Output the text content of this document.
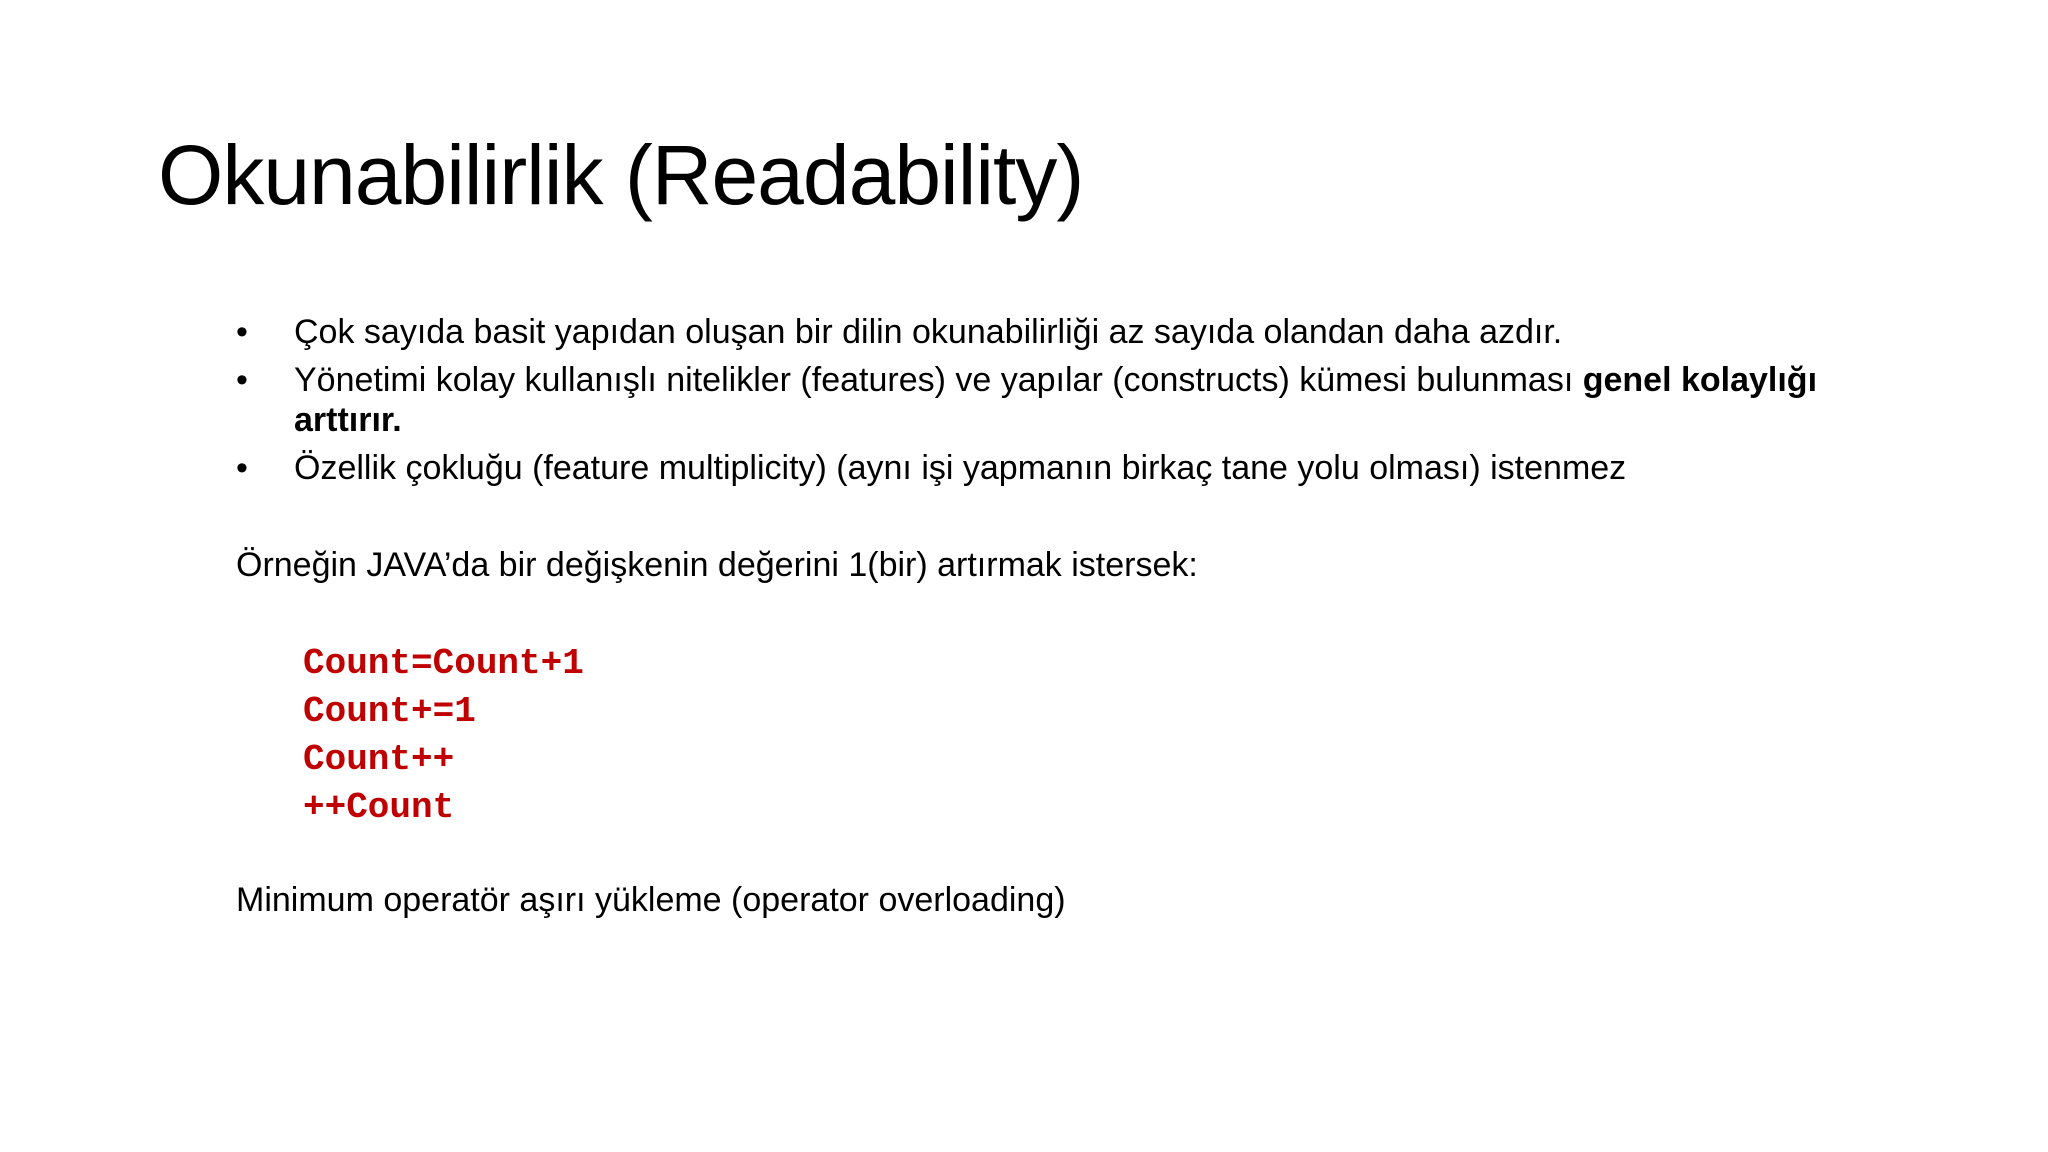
Okunabilirlik (Readability)
• Çok sayıda basit yapıdan oluşan bir dilin okunabilirliği az sayıda olandan daha azdır.
• Yönetimi kolay kullanışlı nitelikler (features) ve yapılar (constructs) kümesi bulunması genel kolaylığı arttırır.
• Özellik çokluğu (feature multiplicity) (aynı işi yapmanın birkaç tane yolu olması) istenmez
Örneğin JAVA’da bir değişkenin değerini 1(bir) artırmak istersek:
Count=Count+1
Count+=1
Count++
++Count
Minimum operatör aşırı yükleme (operator overloading)
